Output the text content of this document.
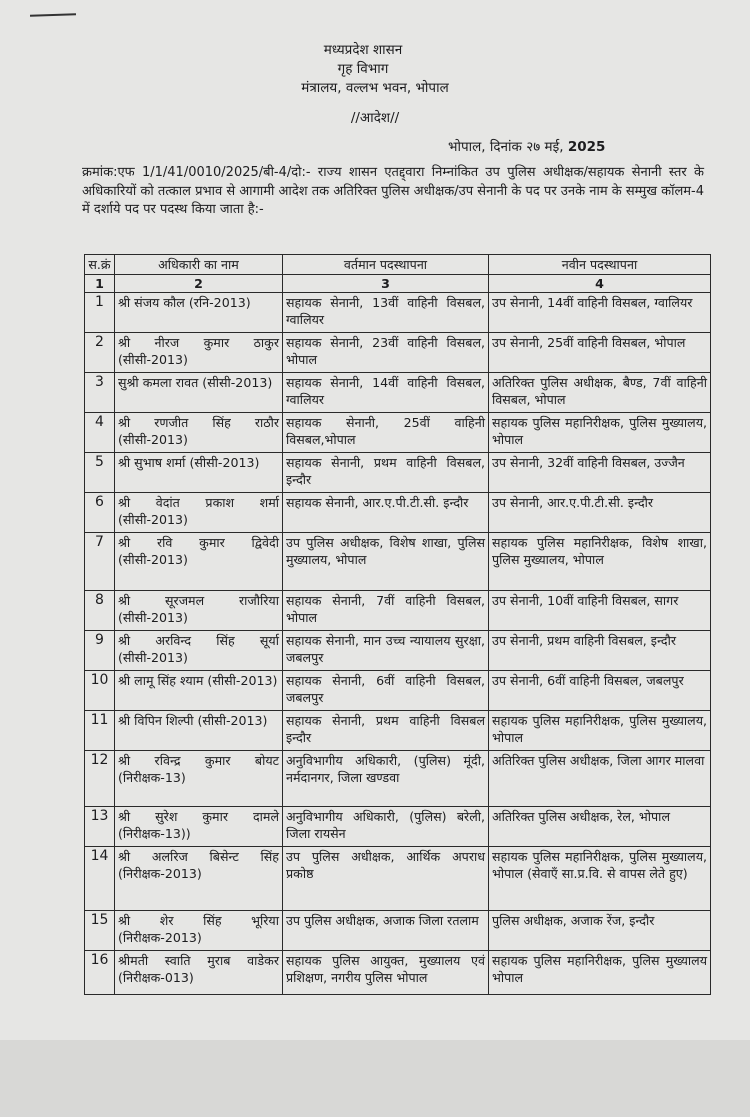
मध्यप्रदेश शासन
गृह विभाग
मंत्रालय, वल्लभ भवन, भोपाल
//आदेश//
भोपाल, दिनांक २७ मई, 2025
क्रमांक:एफ 1/1/41/0010/2025/बी-4/दो:- राज्य शासन एतद्द्वारा निम्नांकित उप पुलिस अधीक्षक/सहायक सेनानी स्तर के अधिकारियों को तत्काल प्रभाव से आगामी आदेश तक अतिरिक्त पुलिस अधीक्षक/उप सेनानी के पद पर उनके नाम के सम्मुख कॉलम-4 में दर्शाये पद पर पदस्थ किया जाता है:-
स.क्रं	अधिकारी का नाम	वर्तमान पदस्थापना	नवीन पदस्थापना
1	2	3	4
1	श्री संजय कौल (रनि-2013)	सहायक सेनानी, 13वीं वाहिनी विसबल, ग्वालियर	उप सेनानी, 14वीं वाहिनी विसबल, ग्वालियर
2	श्री नीरज कुमार ठाकुर (सीसी-2013)	सहायक सेनानी, 23वीं वाहिनी विसबल, भोपाल	उप सेनानी, 25वीं वाहिनी विसबल, भोपाल
3	सुश्री कमला रावत (सीसी-2013)	सहायक सेनानी, 14वीं वाहिनी विसबल, ग्वालियर	अतिरिक्त पुलिस अधीक्षक, बैण्ड, 7वीं वाहिनी विसबल, भोपाल
4	श्री रणजीत सिंह राठौर (सीसी-2013)	सहायक सेनानी, 25वीं वाहिनी विसबल,भोपाल	सहायक पुलिस महानिरीक्षक, पुलिस मुख्यालय, भोपाल
5	श्री सुभाष शर्मा (सीसी-2013)	सहायक सेनानी, प्रथम वाहिनी विसबल, इन्दौर	उप सेनानी, 32वीं वाहिनी विसबल, उज्जैन
6	श्री वेदांत प्रकाश शर्मा (सीसी-2013)	सहायक सेनानी, आर.ए.पी.टी.सी. इन्दौर	उप सेनानी, आर.ए.पी.टी.सी. इन्दौर
7	श्री रवि कुमार द्विवेदी (सीसी-2013)	उप पुलिस अधीक्षक, विशेष शाखा, पुलिस मुख्यालय, भोपाल	सहायक पुलिस महानिरीक्षक, विशेष शाखा, पुलिस मुख्यालय, भोपाल
8	श्री सूरजमल राजौरिया (सीसी-2013)	सहायक सेनानी, 7वीं वाहिनी विसबल, भोपाल	उप सेनानी, 10वीं वाहिनी विसबल, सागर
9	श्री अरविन्द सिंह सूर्या (सीसी-2013)	सहायक सेनानी, मान उच्च न्यायालय सुरक्षा, जबलपुर	उप सेनानी, प्रथम वाहिनी विसबल, इन्दौर
10	श्री लामू सिंह श्याम (सीसी-2013)	सहायक सेनानी, 6वीं वाहिनी विसबल, जबलपुर	उप सेनानी, 6वीं वाहिनी विसबल, जबलपुर
11	श्री विपिन शिल्पी (सीसी-2013)	सहायक सेनानी, प्रथम वाहिनी विसबल इन्दौर	सहायक पुलिस महानिरीक्षक, पुलिस मुख्यालय, भोपाल
12	श्री रविन्द्र कुमार बोयट (निरीक्षक-13)	अनुविभागीय अधिकारी, (पुलिस) मूंदी, नर्मदानगर, जिला खण्डवा	अतिरिक्त पुलिस अधीक्षक, जिला आगर मालवा
13	श्री सुरेश कुमार दामले (निरीक्षक-13))	अनुविभागीय अधिकारी, (पुलिस) बरेली, जिला रायसेन	अतिरिक्त पुलिस अधीक्षक, रेल, भोपाल
14	श्री अलरिज बिसेन्ट सिंह (निरीक्षक-2013)	उप पुलिस अधीक्षक, आर्थिक अपराध प्रकोष्ठ	सहायक पुलिस महानिरीक्षक, पुलिस मुख्यालय, भोपाल (सेवाएँ सा.प्र.वि. से वापस लेते हुए)
15	श्री शेर सिंह भूरिया (निरीक्षक-2013)	उप पुलिस अधीक्षक, अजाक जिला रतलाम	पुलिस अधीक्षक, अजाक रेंज, इन्दौर
16	श्रीमती स्वाति मुराब वाडेकर (निरीक्षक-013)	सहायक पुलिस आयुक्त, मुख्यालय एवं प्रशिक्षण, नगरीय पुलिस भोपाल	सहायक पुलिस महानिरीक्षक, पुलिस मुख्यालय भोपाल
